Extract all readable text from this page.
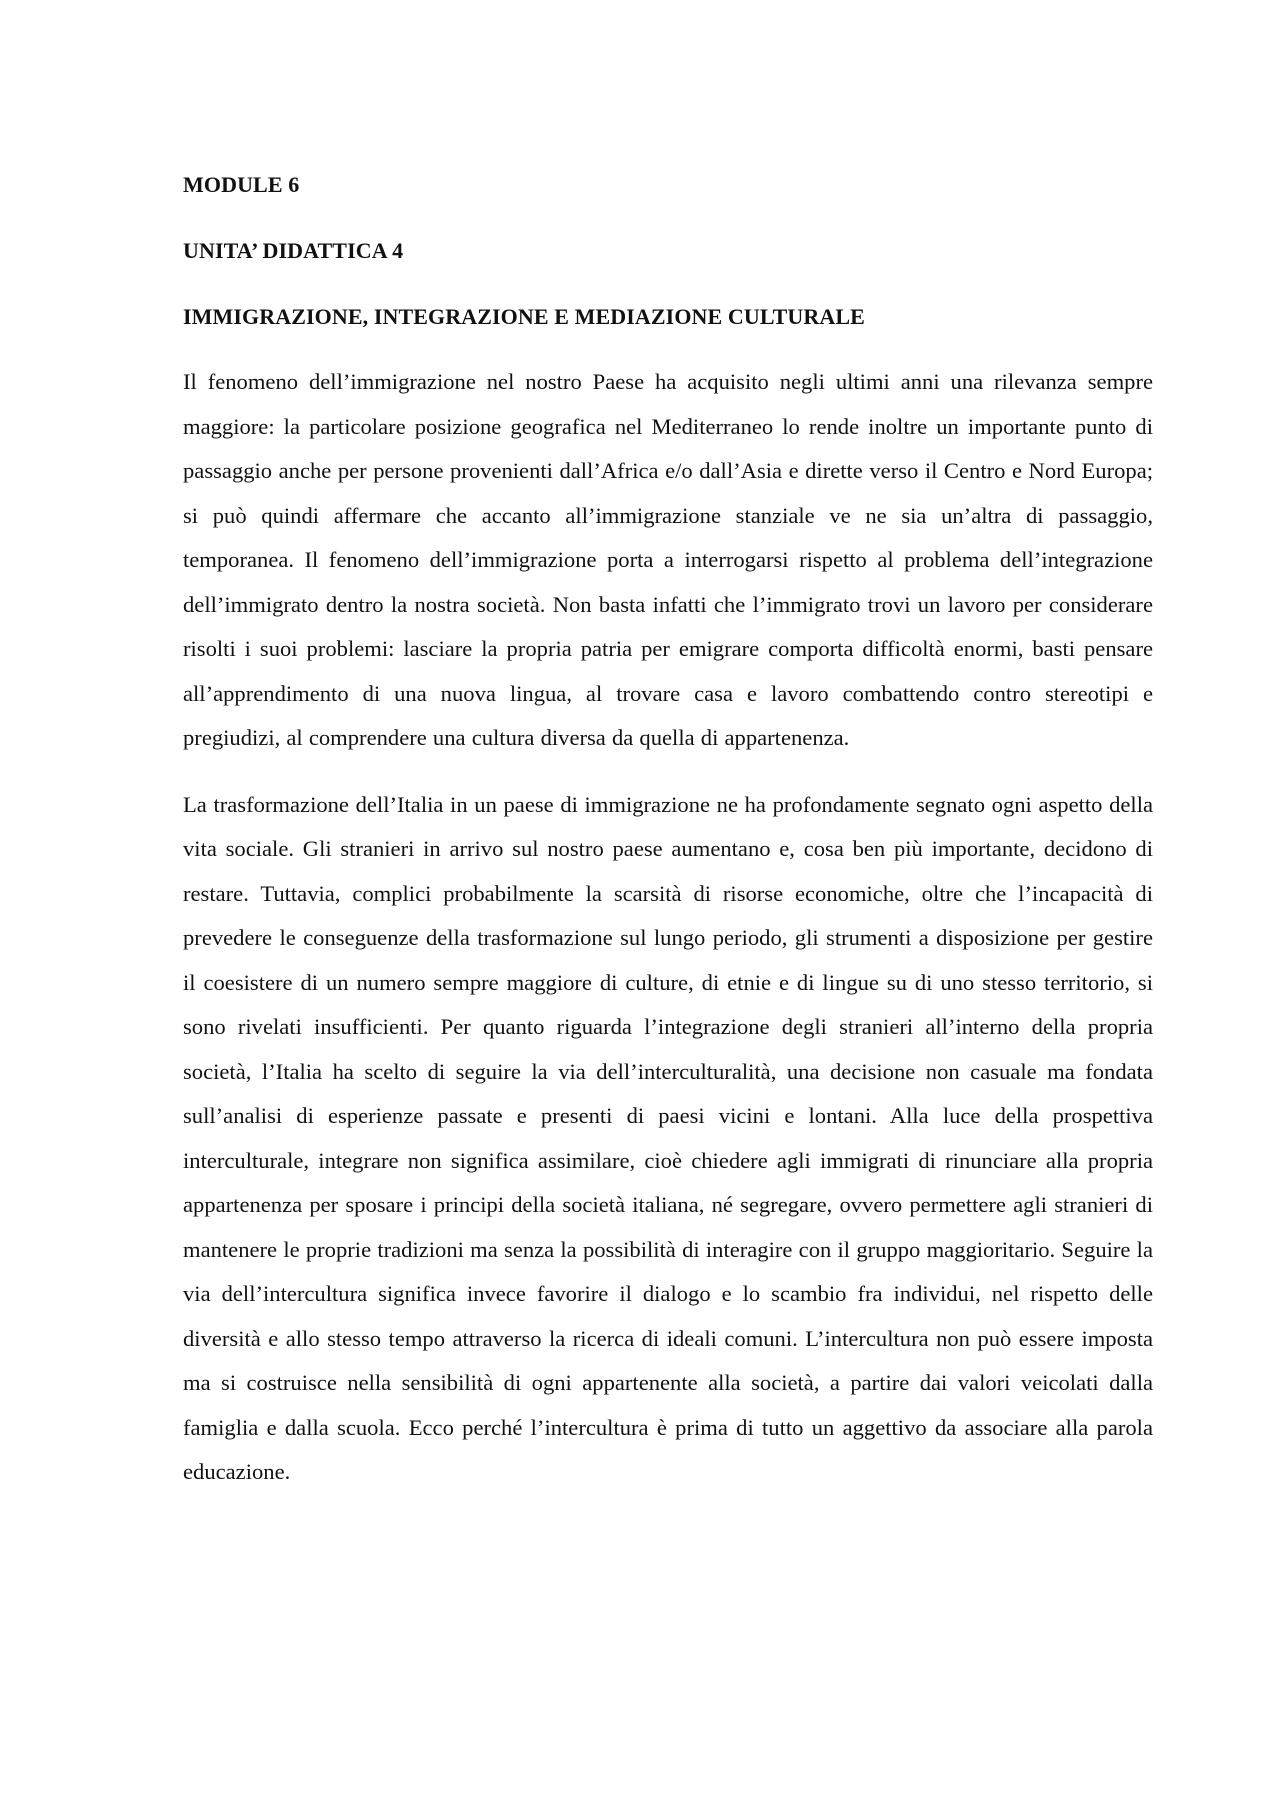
MODULE 6
UNITA’ DIDATTICA 4
IMMIGRAZIONE, INTEGRAZIONE E MEDIAZIONE CULTURALE

Il fenomeno dell’immigrazione nel nostro Paese ha acquisito negli ultimi anni una rilevanza sempre maggiore: la particolare posizione geografica nel Mediterraneo lo rende inoltre un importante punto di passaggio anche per persone provenienti dall’Africa e/o dall’Asia e dirette verso il Centro e Nord Europa; si può quindi affermare che accanto all’immigrazione stanziale ve ne sia un’altra di passaggio, temporanea. Il fenomeno dell’immigrazione porta a interrogarsi rispetto al problema dell’integrazione dell’immigrato dentro la nostra società. Non basta infatti che l’immigrato trovi un lavoro per considerare risolti i suoi problemi: lasciare la propria patria per emigrare comporta difficoltà enormi, basti pensare all’apprendimento di una nuova lingua, al trovare casa e lavoro combattendo contro stereotipi e pregiudizi, al comprendere una cultura diversa da quella di appartenenza.

La trasformazione dell’Italia in un paese di immigrazione ne ha profondamente segnato ogni aspetto della vita sociale. Gli stranieri in arrivo sul nostro paese aumentano e, cosa ben più importante, decidono di restare. Tuttavia, complici probabilmente la scarsità di risorse economiche, oltre che l’incapacità di prevedere le conseguenze della trasformazione sul lungo periodo, gli strumenti a disposizione per gestire il coesistere di un numero sempre maggiore di culture, di etnie e di lingue su di uno stesso territorio, si sono rivelati insufficienti. Per quanto riguarda l’integrazione degli stranieri all’interno della propria società, l’Italia ha scelto di seguire la via dell’interculturalità, una decisione non casuale ma fondata sull’analisi di esperienze passate e presenti di paesi vicini e lontani. Alla luce della prospettiva interculturale, integrare non significa assimilare, cioè chiedere agli immigrati di rinunciare alla propria appartenenza per sposare i principi della società italiana, né segregare, ovvero permettere agli stranieri di mantenere le proprie tradizioni ma senza la possibilità di interagire con il gruppo maggioritario. Seguire la via dell’intercultura significa invece favorire il dialogo e lo scambio fra individui, nel rispetto delle diversità e allo stesso tempo attraverso la ricerca di ideali comuni. L’intercultura non può essere imposta ma si costruisce nella sensibilità di ogni appartenente alla società, a partire dai valori veicolati dalla famiglia e dalla scuola. Ecco perché l’intercultura è prima di tutto un aggettivo da associare alla parola educazione.
